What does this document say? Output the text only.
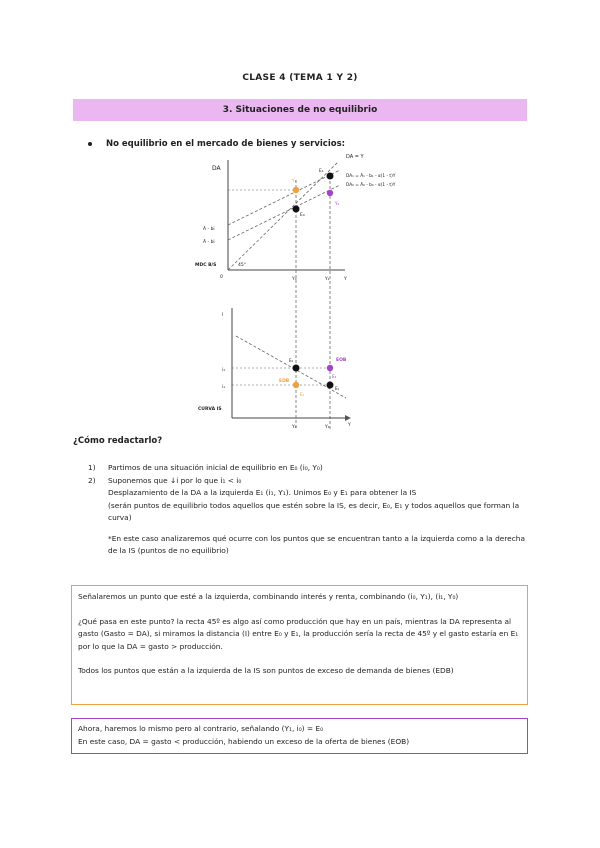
CLASE 4 (TEMA 1 Y 2)
3. Situaciones de no equilibrio
No equilibrio en el mercado de bienes y servicios:
DA
DA = Y
DA₁ = Ā₁ - b₁ - α(1 - t)Y
DA₀ = Ā₀ - b₀ - α(1 - t)Y
Ā - bi
Ā - bi
MDC B/S	45°
0
E₁
E₀
Y₁
Y₂
Y₀	Y₁	Y
i
i₁
i₁
E₂
E₁
E₂
E₃
EOB
EDB
CURVA IS
Y₀	Y₁	Y
¿Cómo redactarlo?
1)	Partimos de una situación inicial de equilibrio en E₀ (i₀, Y₀)
2)	Suponemos que ↓i por lo que i₁ < i₀
Desplazamiento de la DA a la izquierda E₁ (i₁, Y₁). Unimos E₀ y E₁ para obtener la IS
(serán puntos de equilibrio todos aquellos que estén sobre la IS, es decir, E₀, E₁ y todos aquellos que forman la curva)
*En este caso analizaremos qué ocurre con los puntos que se encuentran tanto a la izquierda como a la derecha de la IS (puntos de no equilibrio)

Señalaremos un punto que esté a la izquierda, combinando interés y renta, combinando (i₀, Y₁), (i₁, Y₀)

¿Qué pasa en este punto? la recta 45º es algo así como producción que hay en un país, mientras la DA representa al gasto (Gasto = DA), si miramos la distancia (I) entre E₀ y E₁, la producción sería la recta de 45º y el gasto estaría en E₁ por lo que la DA = gasto > producción.

Todos los puntos que están a la izquierda de la IS son puntos de exceso de demanda de bienes (EDB)

Ahora, haremos lo mismo pero al contrario, señalando (Y₁, i₀) = E₀

En este caso, DA = gasto < producción, habiendo un exceso de la oferta de bienes (EOB)
